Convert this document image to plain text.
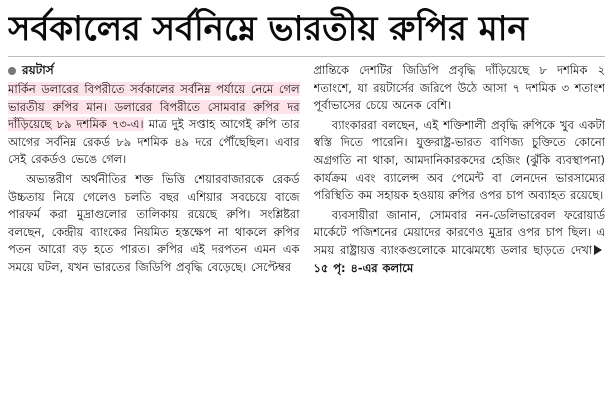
সর্বকালের সর্বনিম্নে ভারতীয় রুপির মান
রয়টার্স

মার্কিন ডলারের বিপরীতে সর্বকালের সর্বনিম্ন পর্যায়ে নেমে গেল ভারতীয় রুপির মান। ডলারের বিপরীতে সোমবার রুপির দর দাঁড়িয়েছে ৮৯ দশমিক ৭৩-এ। মাত্র দুই সপ্তাহ আগেই রুপি তার আগের সর্বনিম্ন রেকর্ড ৮৯ দশমিক ৪৯ দরে পৌঁছেছিল। এবার সেই রেকর্ডও ভেঙে গেল।

অভ্যন্তরীণ অর্থনীতির শক্ত ভিত্তি শেয়ারবাজারকে রেকর্ড উচ্চতায় নিয়ে গেলেও চলতি বছর এশিয়ার সবচেয়ে বাজে পারফর্ম করা মুদ্রাগুলোর তালিকায় রয়েছে রুপি। সংশ্লিষ্টরা বলছেন, কেন্দ্রীয় ব্যাংকের নিয়মিত হস্তক্ষেপ না থাকলে রুপির পতন আরো বড় হতে পারত। রুপির এই দরপতন এমন এক সময়ে ঘটল, যখন ভারতের জিডিপি প্রবৃদ্ধি বেড়েছে। সেপ্টেম্বর

প্রান্তিকে দেশটির জিডিপি প্রবৃদ্ধি দাঁড়িয়েছে ৮ দশমিক ২ শতাংশে, যা রয়টার্সের জরিপে উঠে আসা ৭ দশমিক ৩ শতাংশ পূর্বাভাসের চেয়ে অনেক বেশি।

ব্যাংকাররা বলছেন, এই শক্তিশালী প্রবৃদ্ধি রুপিকে খুব একটা স্বস্তি দিতে পারেনি। যুক্তরাষ্ট্র-ভারত বাণিজ্য চুক্তিতে কোনো অগ্রগতি না থাকা, আমদানিকারকদের হেজিং (ঝুঁকি ব্যবস্থাপনা) কার্যক্রম এবং ব্যালেন্স অব পেমেন্ট বা লেনদেন ভারসাম্যের পরিস্থিতি কম সহায়ক হওয়ায় রুপির ওপর চাপ অব্যাহত রয়েছে।

ব্যবসায়ীরা জানান, সোমবার নন-ডেলিভারেবল ফরোয়ার্ড মার্কেটে পজিশনের মেয়াদের কারণেও মুদ্রার ওপর চাপ ছিল। এ সময় রাষ্ট্রায়ত্ত ব্যাংকগুলোকে মাঝেমধ্যে ডলার ছাড়তে দেখা১৫ পৃ: ৪-এর কলামে
